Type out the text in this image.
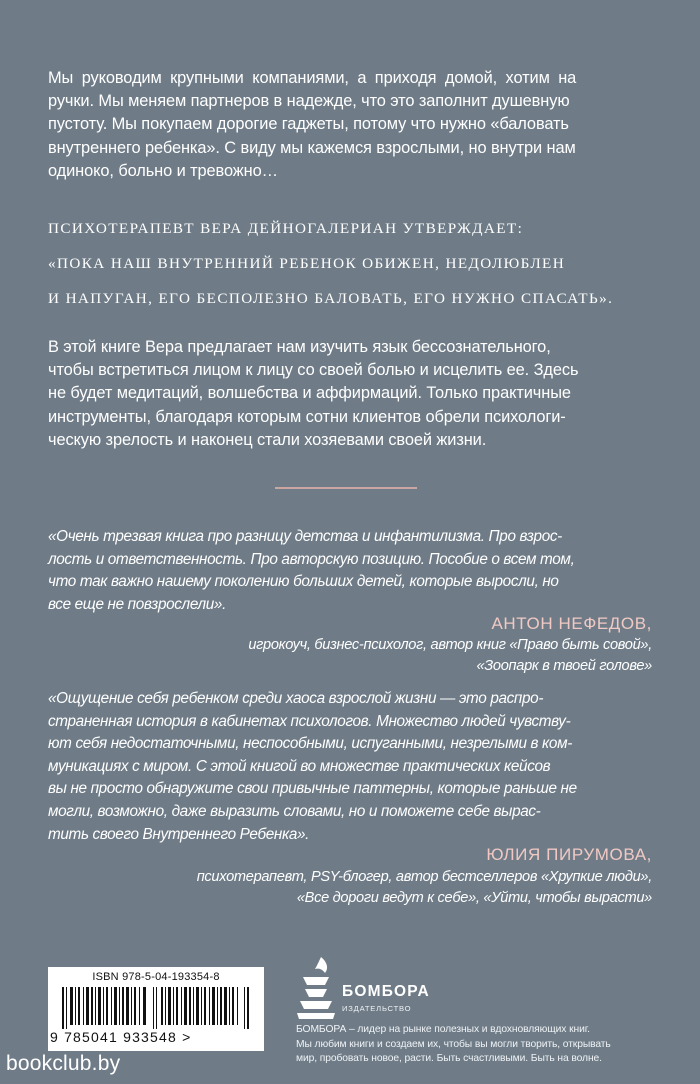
Мы руководим крупными компаниями, а приходя домой, хотим на

ручки. Мы меняем партнеров в надежде, что это заполнит душевную

пустоту. Мы покупаем дорогие гаджеты, потому что нужно «баловать

внутреннего ребенка». С виду мы кажемся взрослыми, но внутри нам

одиноко, больно и тревожно…

ПСИХОТЕРАПЕВТ ВЕРА ДЕЙНОГАЛЕРИАН УТВЕРЖДАЕТ:

«ПОКА НАШ ВНУТРЕННИЙ РЕБЕНОК ОБИЖЕН, НЕДОЛЮБЛЕН

И НАПУГАН, ЕГО БЕСПОЛЕЗНО БАЛОВАТЬ, ЕГО НУЖНО СПАСАТЬ».

В этой книге Вера предлагает нам изучить язык бессознательного,

чтобы встретиться лицом к лицу со своей болью и исцелить ее. Здесь

не будет медитаций, волшебства и аффирмаций. Только практичные

инструменты, благодаря которым сотни клиентов обрели психологи-

ческую зрелость и наконец стали хозяевами своей жизни.

«Очень трезвая книга про разницу детства и инфантилизма. Про взрос-

лость и ответственность. Про авторскую позицию. Пособие о всем том,

что так важно нашему поколению больших детей, которые выросли, но

все еще не повзрослели».

АНТОН НЕФЕДОВ,
игрокоуч, бизнес-психолог, автор книг «Право быть совой»,
«Зоопарк в твоей голове»

«Ощущение себя ребенком среди хаоса взрослой жизни — это распро-

страненная история в кабинетах психологов. Множество людей чувству-

ют себя недостаточными, неспособными, испуганными, незрелыми в ком-

муникациях с миром. С этой книгой во множестве практических кейсов

вы не просто обнаружите свои привычные паттерны, которые раньше не

могли, возможно, даже выразить словами, но и поможете себе вырас-

тить своего Внутреннего Ребенка».

ЮЛИЯ ПИРУМОВА,
психотерапевт, PSY-блогер, автор бестселлеров «Хрупкие люди»,
«Все дороги ведут к себе», «Уйти, чтобы вырасти»
ISBN 978-5-04-193354-8
9 785041 933548 >
БОМБОРА
ИЗДАТЕЛЬСТВО
БОМБОРА – лидер на рынке полезных и вдохновляющих книг.
Мы любим книги и создаем их, чтобы вы могли творить, открывать
мир, пробовать новое, расти. Быть счастливыми. Быть на волне.
bookclub.by
